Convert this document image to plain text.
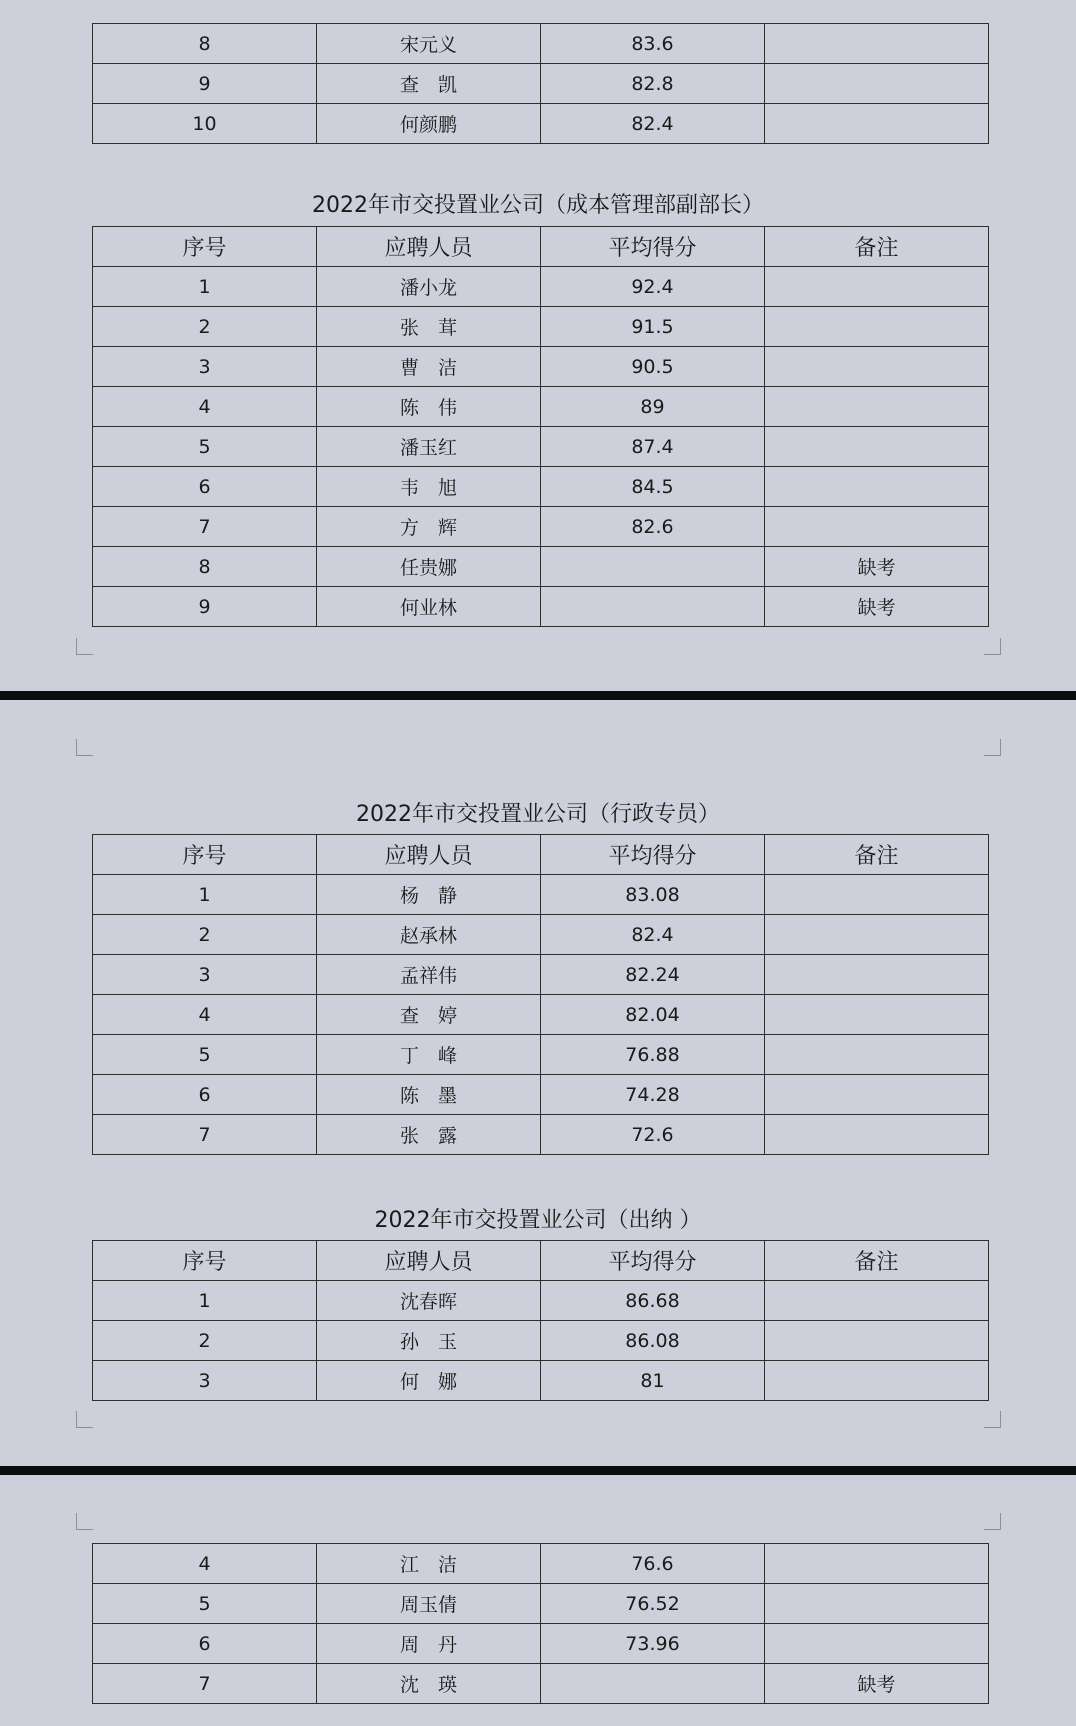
8	宋元义	83.6	
9	查　凯	82.8	
10	何颜鹏	82.4	
2022年市交投置业公司（成本管理部副部长）
序号	应聘人员	平均得分	备注
1	潘小龙	92.4	
2	张　茸	91.5	
3	曹　洁	90.5	
4	陈　伟	89	
5	潘玉红	87.4	
6	韦　旭	84.5	
7	方　辉	82.6	
8	任贵娜		缺考
9	何业林		缺考
2022年市交投置业公司（行政专员）
序号	应聘人员	平均得分	备注
1	杨　静	83.08	
2	赵承林	82.4	
3	孟祥伟	82.24	
4	查　婷	82.04	
5	丁　峰	76.88	
6	陈　墨	74.28	
7	张　露	72.6	
2022年市交投置业公司（出纳 ）
序号	应聘人员	平均得分	备注
1	沈春晖	86.68	
2	孙　玉	86.08	
3	何　娜	81	
4	江　洁	76.6	
5	周玉倩	76.52	
6	周　丹	73.96	
7	沈　瑛		缺考
